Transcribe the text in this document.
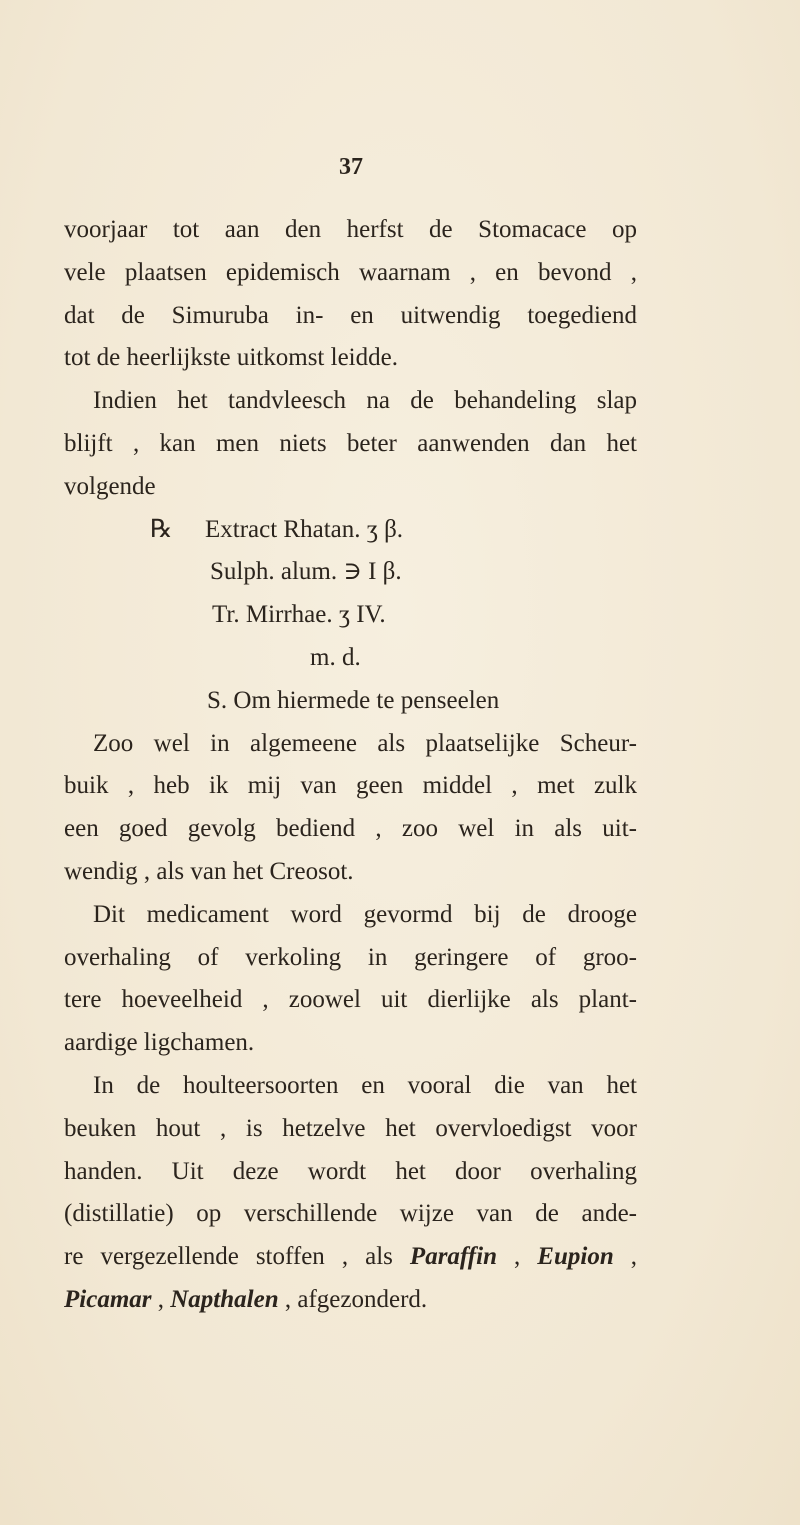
37
voorjaar tot aan den herfst de Stomacace op
vele plaatsen epidemisch waarnam , en bevond ,
dat de Simuruba in- en uitwendig toegediend
tot de heerlijkste uitkomst leidde.
Indien het tandvleesch na de behandeling slap
blijft , kan men niets beter aanwenden dan het
volgende
℞ Extract Rhatan. ʒ β.
Sulph. alum. ∋ I β.
Tr. Mirrhae. ʒ IV.
m. d.
S. Om hiermede te penseelen
Zoo wel in algemeene als plaatselijke Scheur-
buik , heb ik mij van geen middel , met zulk
een goed gevolg bediend , zoo wel in als uit-
wendig , als van het Creosot.
Dit medicament word gevormd bij de drooge
overhaling of verkoling in geringere of groo-
tere hoeveelheid , zoowel uit dierlijke als plant-
aardige ligchamen.
In de houlteersoorten en vooral die van het
beuken hout , is hetzelve het overvloedigst voor
handen. Uit deze wordt het door overhaling
(distillatie) op verschillende wijze van de ande-
re vergezellende stoffen , als Paraffin , Eupion ,
Picamar , Napthalen , afgezonderd.
